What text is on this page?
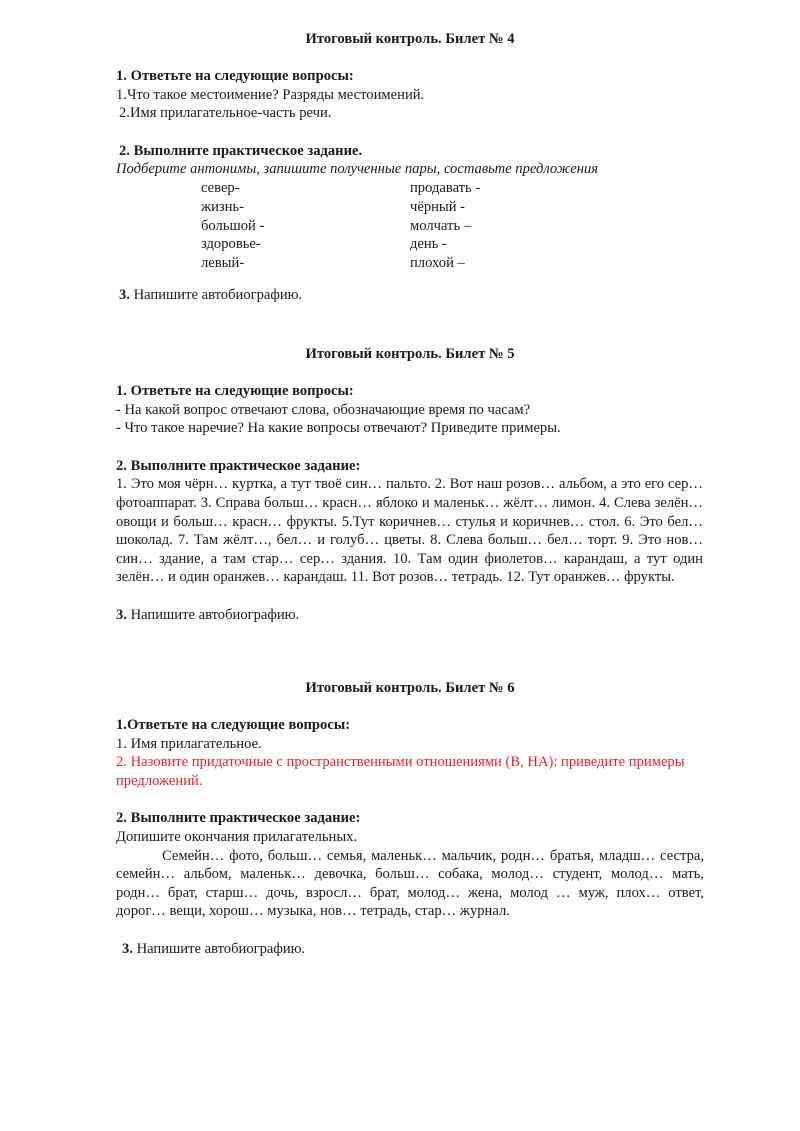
Итоговый контроль. Билет № 4
1. Ответьте на следующие вопросы:
1.Что такое местоимение? Разряды местоимений.
2.Имя прилагательное-часть речи.
2. Выполните практическое задание.
Подберите антонимы, запишите полученные пары, составьте предложения
север-	продавать -
жизнь-	чёрный -
большой -	молчать –
здоровье-	день -
левый-	плохой –
3. Напишите автобиографию.
Итоговый контроль. Билет № 5
1. Ответьте на следующие вопросы:
- На какой вопрос отвечают слова, обозначающие время по часам?
- Что такое наречие? На какие вопросы отвечают? Приведите примеры.
2. Выполните практическое задание:
1. Это моя чёрн… куртка, а тут твоё син… пальто. 2. Вот наш розов… альбом, а это его сер… фотоаппарат. 3. Справа больш… красн… яблоко и маленьк… жёлт… лимон. 4. Слева зелён… овощи и больш… красн… фрукты. 5.Тут коричнев… стулья и коричнев… стол. 6. Это бел… шоколад. 7. Там жёлт…, бел… и голуб… цветы. 8. Слева больш… бел… торт. 9. Это нов… син… здание, а там стар… сер… здания. 10. Там один фиолетов… карандаш, а тут один зелён… и один оранжев… карандаш. 11. Вот розов… тетрадь. 12. Тут оранжев… фрукты.
3. Напишите автобиографию.
Итоговый контроль. Билет № 6
1.Ответьте на следующие вопросы:
1. Имя прилагательное.
2. Назовите придаточные с пространственными отношениями (В, НА): приведите примеры предложений.
2. Выполните практическое задание:
Допишите окончания прилагательных.
Семейн… фото, больш… семья, маленьк… мальчик, родн… братья, младш… сестра, семейн… альбом, маленьк… девочка, больш… собака, молод… студент, молод… мать, родн… брат, старш… дочь, взросл… брат, молод… жена, молод … муж, плох… ответ, дорог… вещи, хорош… музыка, нов… тетрадь, стар… журнал.
3. Напишите автобиографию.
